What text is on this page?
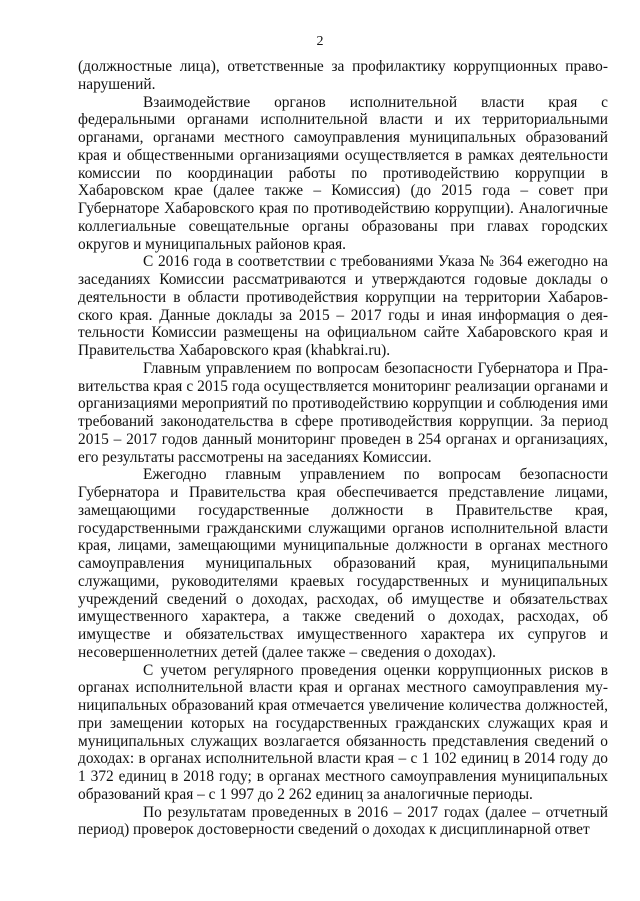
2

(должностные лица), ответственные за профилактику коррупционных правонарушений.

Взаимодействие органов исполнительной власти края с федеральными органами исполнительной власти и их территориальными органами, органами местного самоуправления муниципальных образований края и общественными организациями осуществляется в рамках деятельности комиссии по координации работы по противодействию коррупции в Хабаровском крае (далее также – Комиссия) (до 2015 года – совет при Губернаторе Хабаровского края по противодействию коррупции). Аналогичные коллегиальные совещательные органы образованы при главах городских округов и муниципальных районов края.

С 2016 года в соответствии с требованиями Указа № 364 ежегодно на заседаниях Комиссии рассматриваются и утверждаются годовые доклады о деятельности в области противодействия коррупции на территории Хабаровского края. Данные доклады за 2015 – 2017 годы и иная информация о деятельности Комиссии размещены на официальном сайте Хабаровского края и Правительства Хабаровского края (khabkrai.ru).

Главным управлением по вопросам безопасности Губернатора и Правительства края с 2015 года осуществляется мониторинг реализации органами и организациями мероприятий по противодействию коррупции и соблюдения ими требований законодательства в сфере противодействия коррупции. За период 2015 – 2017 годов данный мониторинг проведен в 254 органах и организациях, его результаты рассмотрены на заседаниях Комиссии.

Ежегодно главным управлением по вопросам безопасности Губернатора и Правительства края обеспечивается представление лицами, замещающими государственные должности в Правительстве края, государственными гражданскими служащими органов исполнительной власти края, лицами, замещающими муниципальные должности в органах местного самоуправления муниципальных образований края, муниципальными служащими, руководителями краевых государственных и муниципальных учреждений сведений о доходах, расходах, об имуществе и обязательствах имущественного характера, а также сведений о доходах, расходах, об имуществе и обязательствах имущественного характера их супругов и несовершеннолетних детей (далее также – сведения о доходах).

С учетом регулярного проведения оценки коррупционных рисков в органах исполнительной власти края и органах местного самоуправления муниципальных образований края отмечается увеличение количества должностей, при замещении которых на государственных гражданских служащих края и муниципальных служащих возлагается обязанность представления сведений о доходах: в органах исполнительной власти края – с 1 102 единиц в 2014 году до 1 372 единиц в 2018 году; в органах местного самоуправления муниципальных образований края – с 1 997 до 2 262 единиц за аналогичные периоды.

По результатам проведенных в 2016 – 2017 годах (далее – отчетный период) проверок достоверности сведений о доходах к дисциплинарной ответ
